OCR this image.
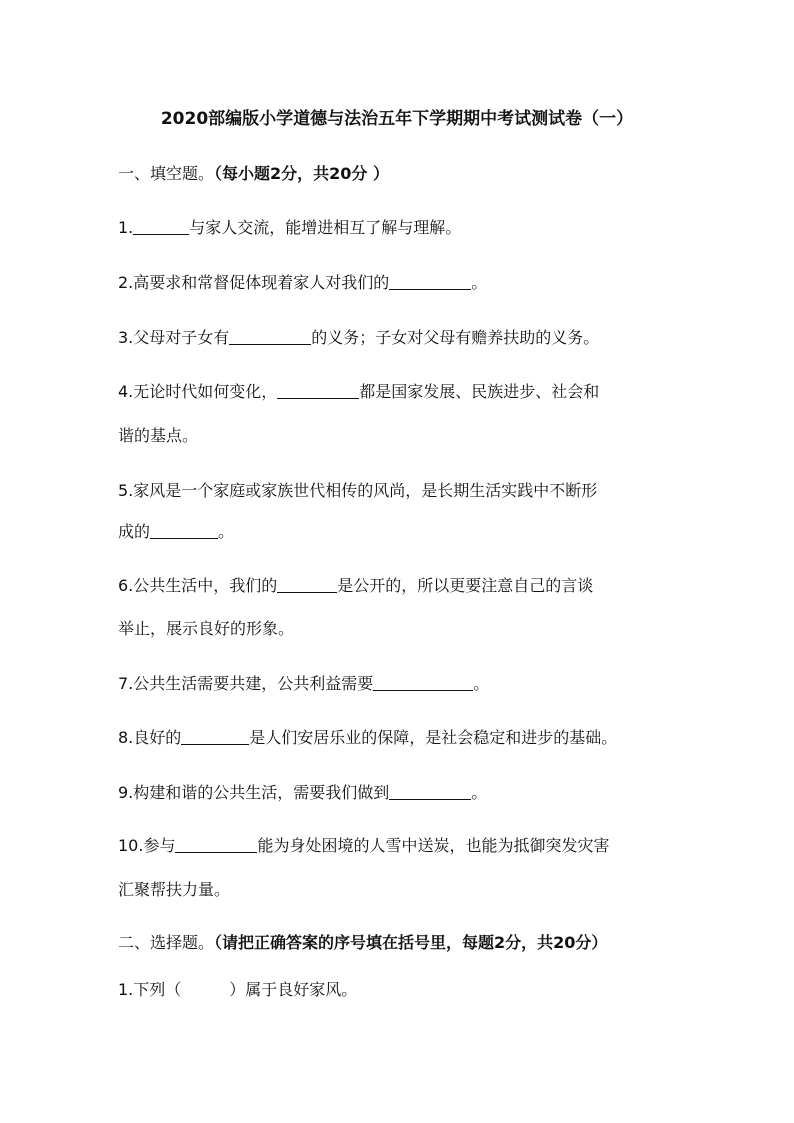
2020部编版小学道德与法治五年下学期期中考试测试卷（一）
一、填空题。（每小题2分，共20分 ）
1.	与家人交流，能增进相互了解与理解。
2.高要求和常督促体现着家人对我们的	。
3.父母对子女有	的义务；子女对父母有赡养扶助的义务。
4.无论时代如何变化，	都是国家发展、民族进步、社会和
谐的基点。
5.家风是一个家庭或家族世代相传的风尚，是长期生活实践中不断形
成的	。
6.公共生活中，我们的	是公开的，所以更要注意自己的言谈
举止，展示良好的形象。
7.公共生活需要共建，公共利益需要	。
8.良好的	是人们安居乐业的保障，是社会稳定和进步的基础。
9.构建和谐的公共生活，需要我们做到	。
10.参与	能为身处困境的人雪中送炭，也能为抵御突发灾害
汇聚帮扶力量。
二、选择题。（请把正确答案的序号填在括号里，每题2分，共20分）
1.下列（	）属于良好家风。
